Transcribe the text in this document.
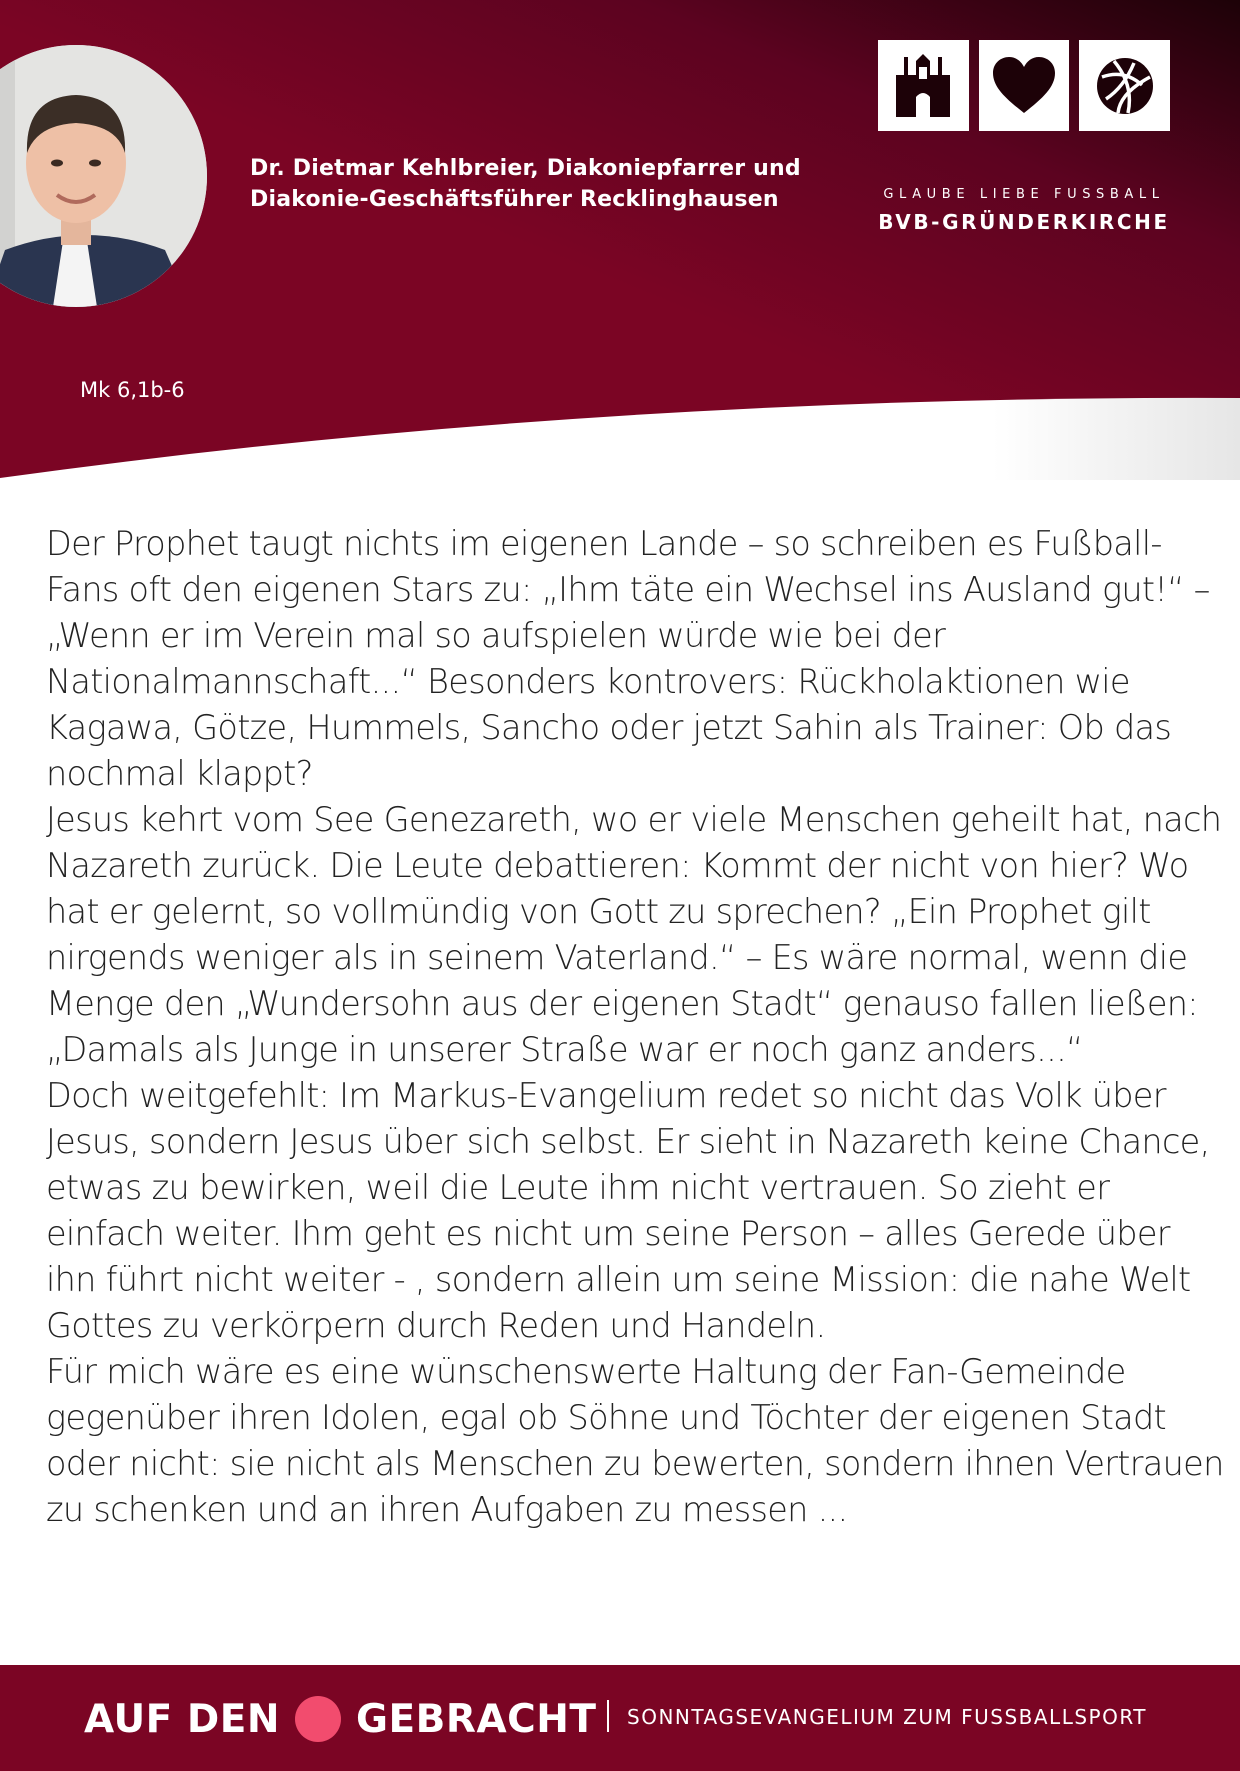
Dr. Dietmar Kehlbreier, Diakoniepfarrer und
Diakonie-Geschäftsführer Recklinghausen	GLAUBE LIEBE FUSSBALL
BVB-GRÜNDERKIRCHE
Mk 6,1b-6

Der Prophet taugt nichts im eigenen Lande – so schreiben es Fußball-Fans oft den eigenen Stars zu: „Ihm täte ein Wechsel ins Ausland gut!“ – „Wenn er im Verein mal so aufspielen würde wie bei der Nationalmannschaft...“ Besonders kontrovers: Rückholaktionen wie Kagawa, Götze, Hummels, Sancho oder jetzt Sahin als Trainer: Ob das nochmal klappt?

Jesus kehrt vom See Genezareth, wo er viele Menschen geheilt hat, nach Nazareth zurück. Die Leute debattieren: Kommt der nicht von hier? Wo hat er gelernt, so vollmündig von Gott zu sprechen? „Ein Prophet gilt nirgends weniger als in seinem Vaterland.“ – Es wäre normal, wenn die Menge den „Wundersohn aus der eigenen Stadt“ genauso fallen ließen: „Damals als Junge in unserer Straße war er noch ganz anders...“

Doch weitgefehlt: Im Markus-Evangelium redet so nicht das Volk über Jesus, sondern Jesus über sich selbst. Er sieht in Nazareth keine Chance, etwas zu bewirken, weil die Leute ihm nicht vertrauen. So zieht er einfach weiter. Ihm geht es nicht um seine Person – alles Gerede über ihn führt nicht weiter - , sondern allein um seine Mission: die nahe Welt Gottes zu verkörpern durch Reden und Handeln.

Für mich wäre es eine wünschenswerte Haltung der Fan-Gemeinde gegenüber ihren Idolen, egal ob Söhne und Töchter der eigenen Stadt oder nicht: sie nicht als Menschen zu bewerten, sondern ihnen Vertrauen zu schenken und an ihren Aufgaben zu messen ...

AUF DEN GEBRACHT SONNTAGSEVANGELIUM ZUM FUSSBALLSPORT
